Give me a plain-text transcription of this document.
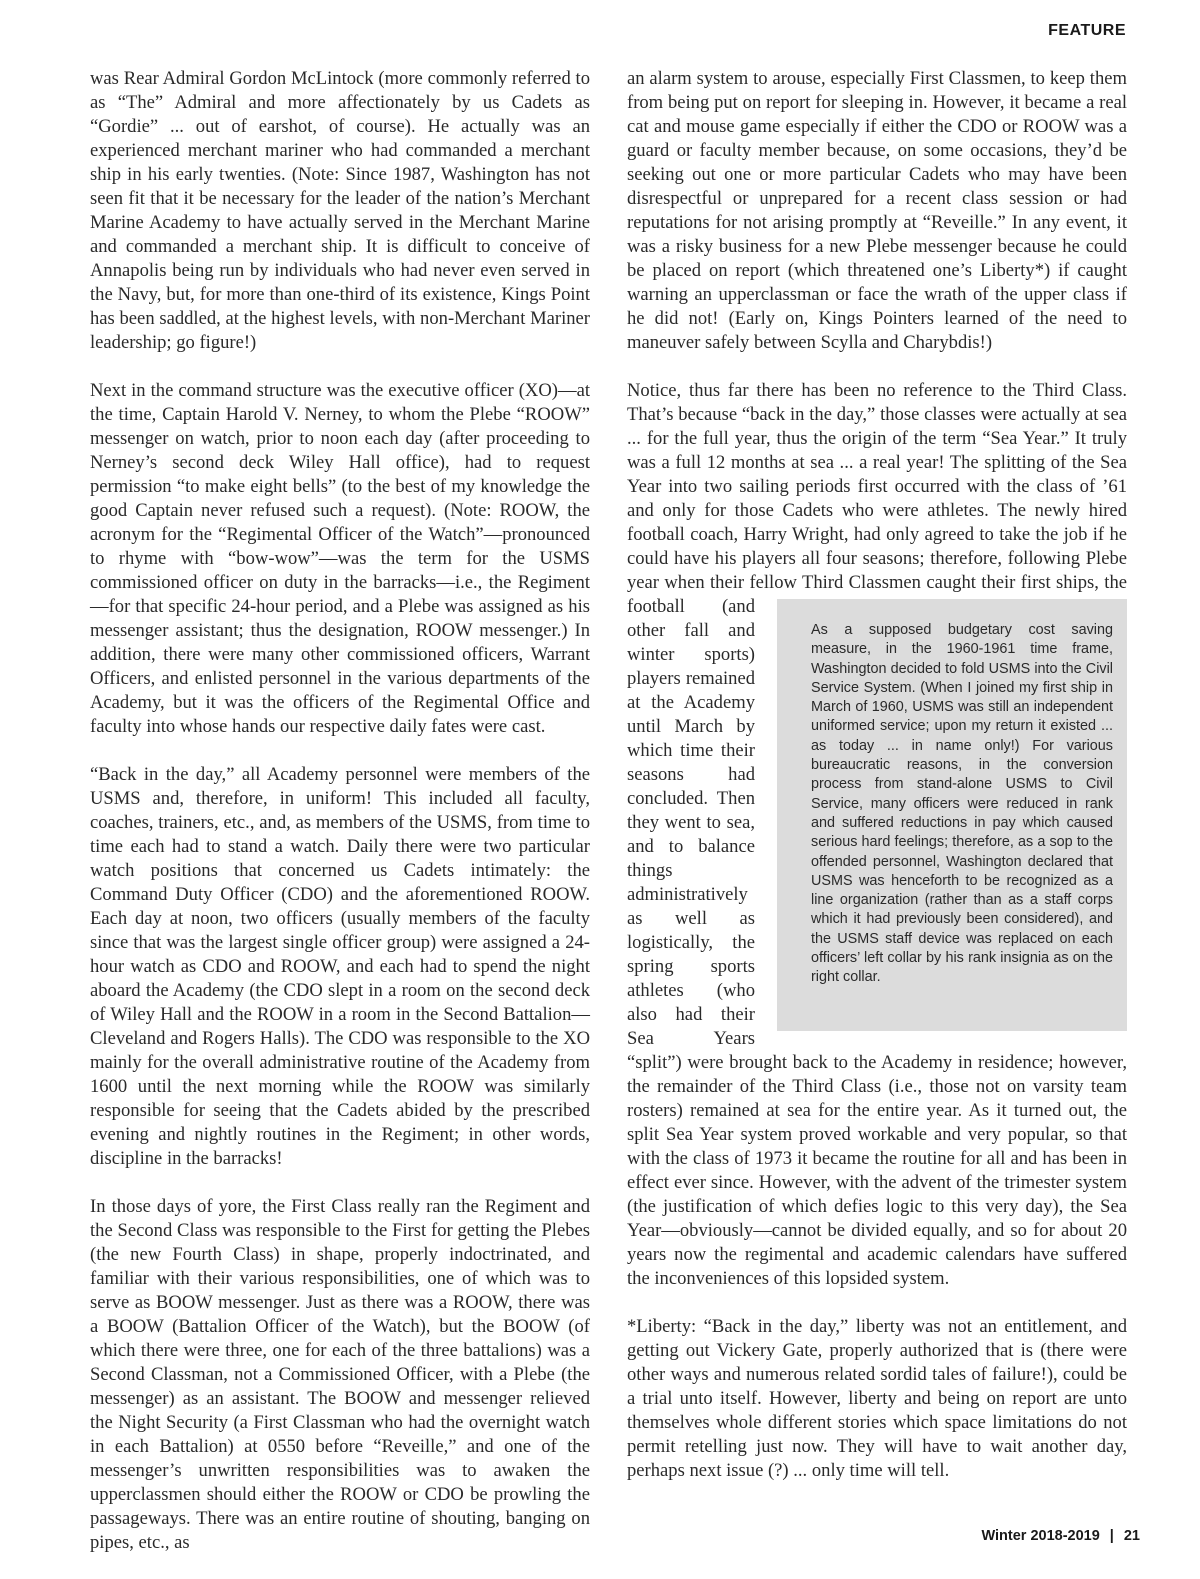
FEATURE

was Rear Admiral Gordon McLintock (more commonly referred to as “The” Admiral and more affectionately by us Cadets as “Gordie” ... out of earshot, of course). He actually was an experienced merchant mariner who had commanded a merchant ship in his early twenties. (Note: Since 1987, Washington has not seen fit that it be necessary for the leader of the nation’s Merchant Marine Academy to have actually served in the Merchant Marine and commanded a merchant ship. It is difficult to conceive of Annapolis being run by individuals who had never even served in the Navy, but, for more than one-third of its existence, Kings Point has been saddled, at the highest levels, with non-Merchant Mariner leadership; go figure!)

Next in the command structure was the executive officer (XO)—at the time, Captain Harold V. Nerney, to whom the Plebe “ROOW” messenger on watch, prior to noon each day (after proceeding to Nerney’s second deck Wiley Hall office), had to request permission “to make eight bells” (to the best of my knowledge the good Captain never refused such a request). (Note: ROOW, the acronym for the “Regimental Officer of the Watch”—pronounced to rhyme with “bow-wow”—was the term for the USMS commissioned officer on duty in the barracks—i.e., the Regiment—for that specific 24-hour period, and a Plebe was assigned as his messenger assistant; thus the designation, ROOW messenger.) In addition, there were many other commissioned officers, Warrant Officers, and enlisted personnel in the various departments of the Academy, but it was the officers of the Regimental Office and faculty into whose hands our respective daily fates were cast.

“Back in the day,” all Academy personnel were members of the USMS and, therefore, in uniform! This included all faculty, coaches, trainers, etc., and, as members of the USMS, from time to time each had to stand a watch. Daily there were two particular watch positions that concerned us Cadets intimately: the Command Duty Officer (CDO) and the aforementioned ROOW. Each day at noon, two officers (usually members of the faculty since that was the largest single officer group) were assigned a 24-hour watch as CDO and ROOW, and each had to spend the night aboard the Academy (the CDO slept in a room on the second deck of Wiley Hall and the ROOW in a room in the Second Battalion—Cleveland and Rogers Halls). The CDO was responsible to the XO mainly for the overall administrative routine of the Academy from 1600 until the next morning while the ROOW was similarly responsible for seeing that the Cadets abided by the prescribed evening and nightly routines in the Regiment; in other words, discipline in the barracks!

In those days of yore, the First Class really ran the Regiment and the Second Class was responsible to the First for getting the Plebes (the new Fourth Class) in shape, properly indoctrinated, and familiar with their various responsibilities, one of which was to serve as BOOW messenger. Just as there was a ROOW, there was a BOOW (Battalion Officer of the Watch), but the BOOW (of which there were three, one for each of the three battalions) was a Second Classman, not a Commissioned Officer, with a Plebe (the messenger) as an assistant. The BOOW and messenger relieved the Night Security (a First Classman who had the overnight watch in each Battalion) at 0550 before “Reveille,” and one of the messenger’s unwritten responsibilities was to awaken the upperclassmen should either the ROOW or CDO be prowling the passageways. There was an entire routine of shouting, banging on pipes, etc., as

an alarm system to arouse, especially First Classmen, to keep them from being put on report for sleeping in. However, it became a real cat and mouse game especially if either the CDO or ROOW was a guard or faculty member because, on some occasions, they’d be seeking out one or more particular Cadets who may have been disrespectful or unprepared for a recent class session or had reputations for not arising promptly at “Reveille.” In any event, it was a risky business for a new Plebe messenger because he could be placed on report (which threatened one’s Liberty*) if caught warning an upperclassman or face the wrath of the upper class if he did not! (Early on, Kings Pointers learned of the need to maneuver safely between Scylla and Charybdis!)

Notice, thus far there has been no reference to the Third Class. That’s because “back in the day,” those classes were actually at sea ... for the full year, thus the origin of the term “Sea Year.” It truly was a full 12 months at sea ... a real year! The splitting of the Sea Year into two sailing periods first occurred with the class of ’61 and only for those Cadets who were athletes. The newly hired football coach, Harry Wright, had only agreed to take the job if he could have his players all four seasons; therefore, following Plebe year when their fellow Third Classmen
As a supposed budgetary cost saving measure, in the 1960-1961 time frame, Washington decided to fold USMS into the Civil Service System. (When I joined my first ship in March of 1960, USMS was still an independent uniformed service; upon my return it existed ... as today ... in name only!) For various bureaucratic reasons, in the conversion process from stand-alone USMS to Civil Service, many officers were reduced in rank and suffered reductions in pay which caused serious hard feelings; therefore, as a sop to the offended personnel, Washington declared that USMS was henceforth to be recognized as a line organization (rather than as a staff corps which it had previously been considered), and the USMS staff device was replaced on each officers’ left collar by his rank insignia as on the right collar.
caught their first ships, the football (and other fall and winter sports) players remained at the Academy until March by which time their seasons had concluded. Then they went to sea, and to balance things administratively as well as logistically, the spring sports athletes (who also had their Sea Years “split”) were brought back to the Academy in residence; however, the remainder of the Third Class (i.e., those not on varsity team rosters) remained at sea for the entire year. As it turned out, the split Sea Year system proved workable and very popular, so that with the class of 1973 it became the routine for all and has been in effect ever since. However, with the advent of the trimester system (the justification of which defies logic to this very day), the Sea Year—obviously—cannot be divided equally, and so for about 20 years now the regimental and academic calendars have suffered the inconveniences of this lopsided system.

*Liberty: “Back in the day,” liberty was not an entitlement, and getting out Vickery Gate, properly authorized that is (there were other ways and numerous related sordid tales of failure!), could be a trial unto itself. However, liberty and being on report are unto themselves whole different stories which space limitations do not permit retelling just now. They will have to wait another day, perhaps next issue (?) ... only time will tell.

Winter 2018-2019 | 21
